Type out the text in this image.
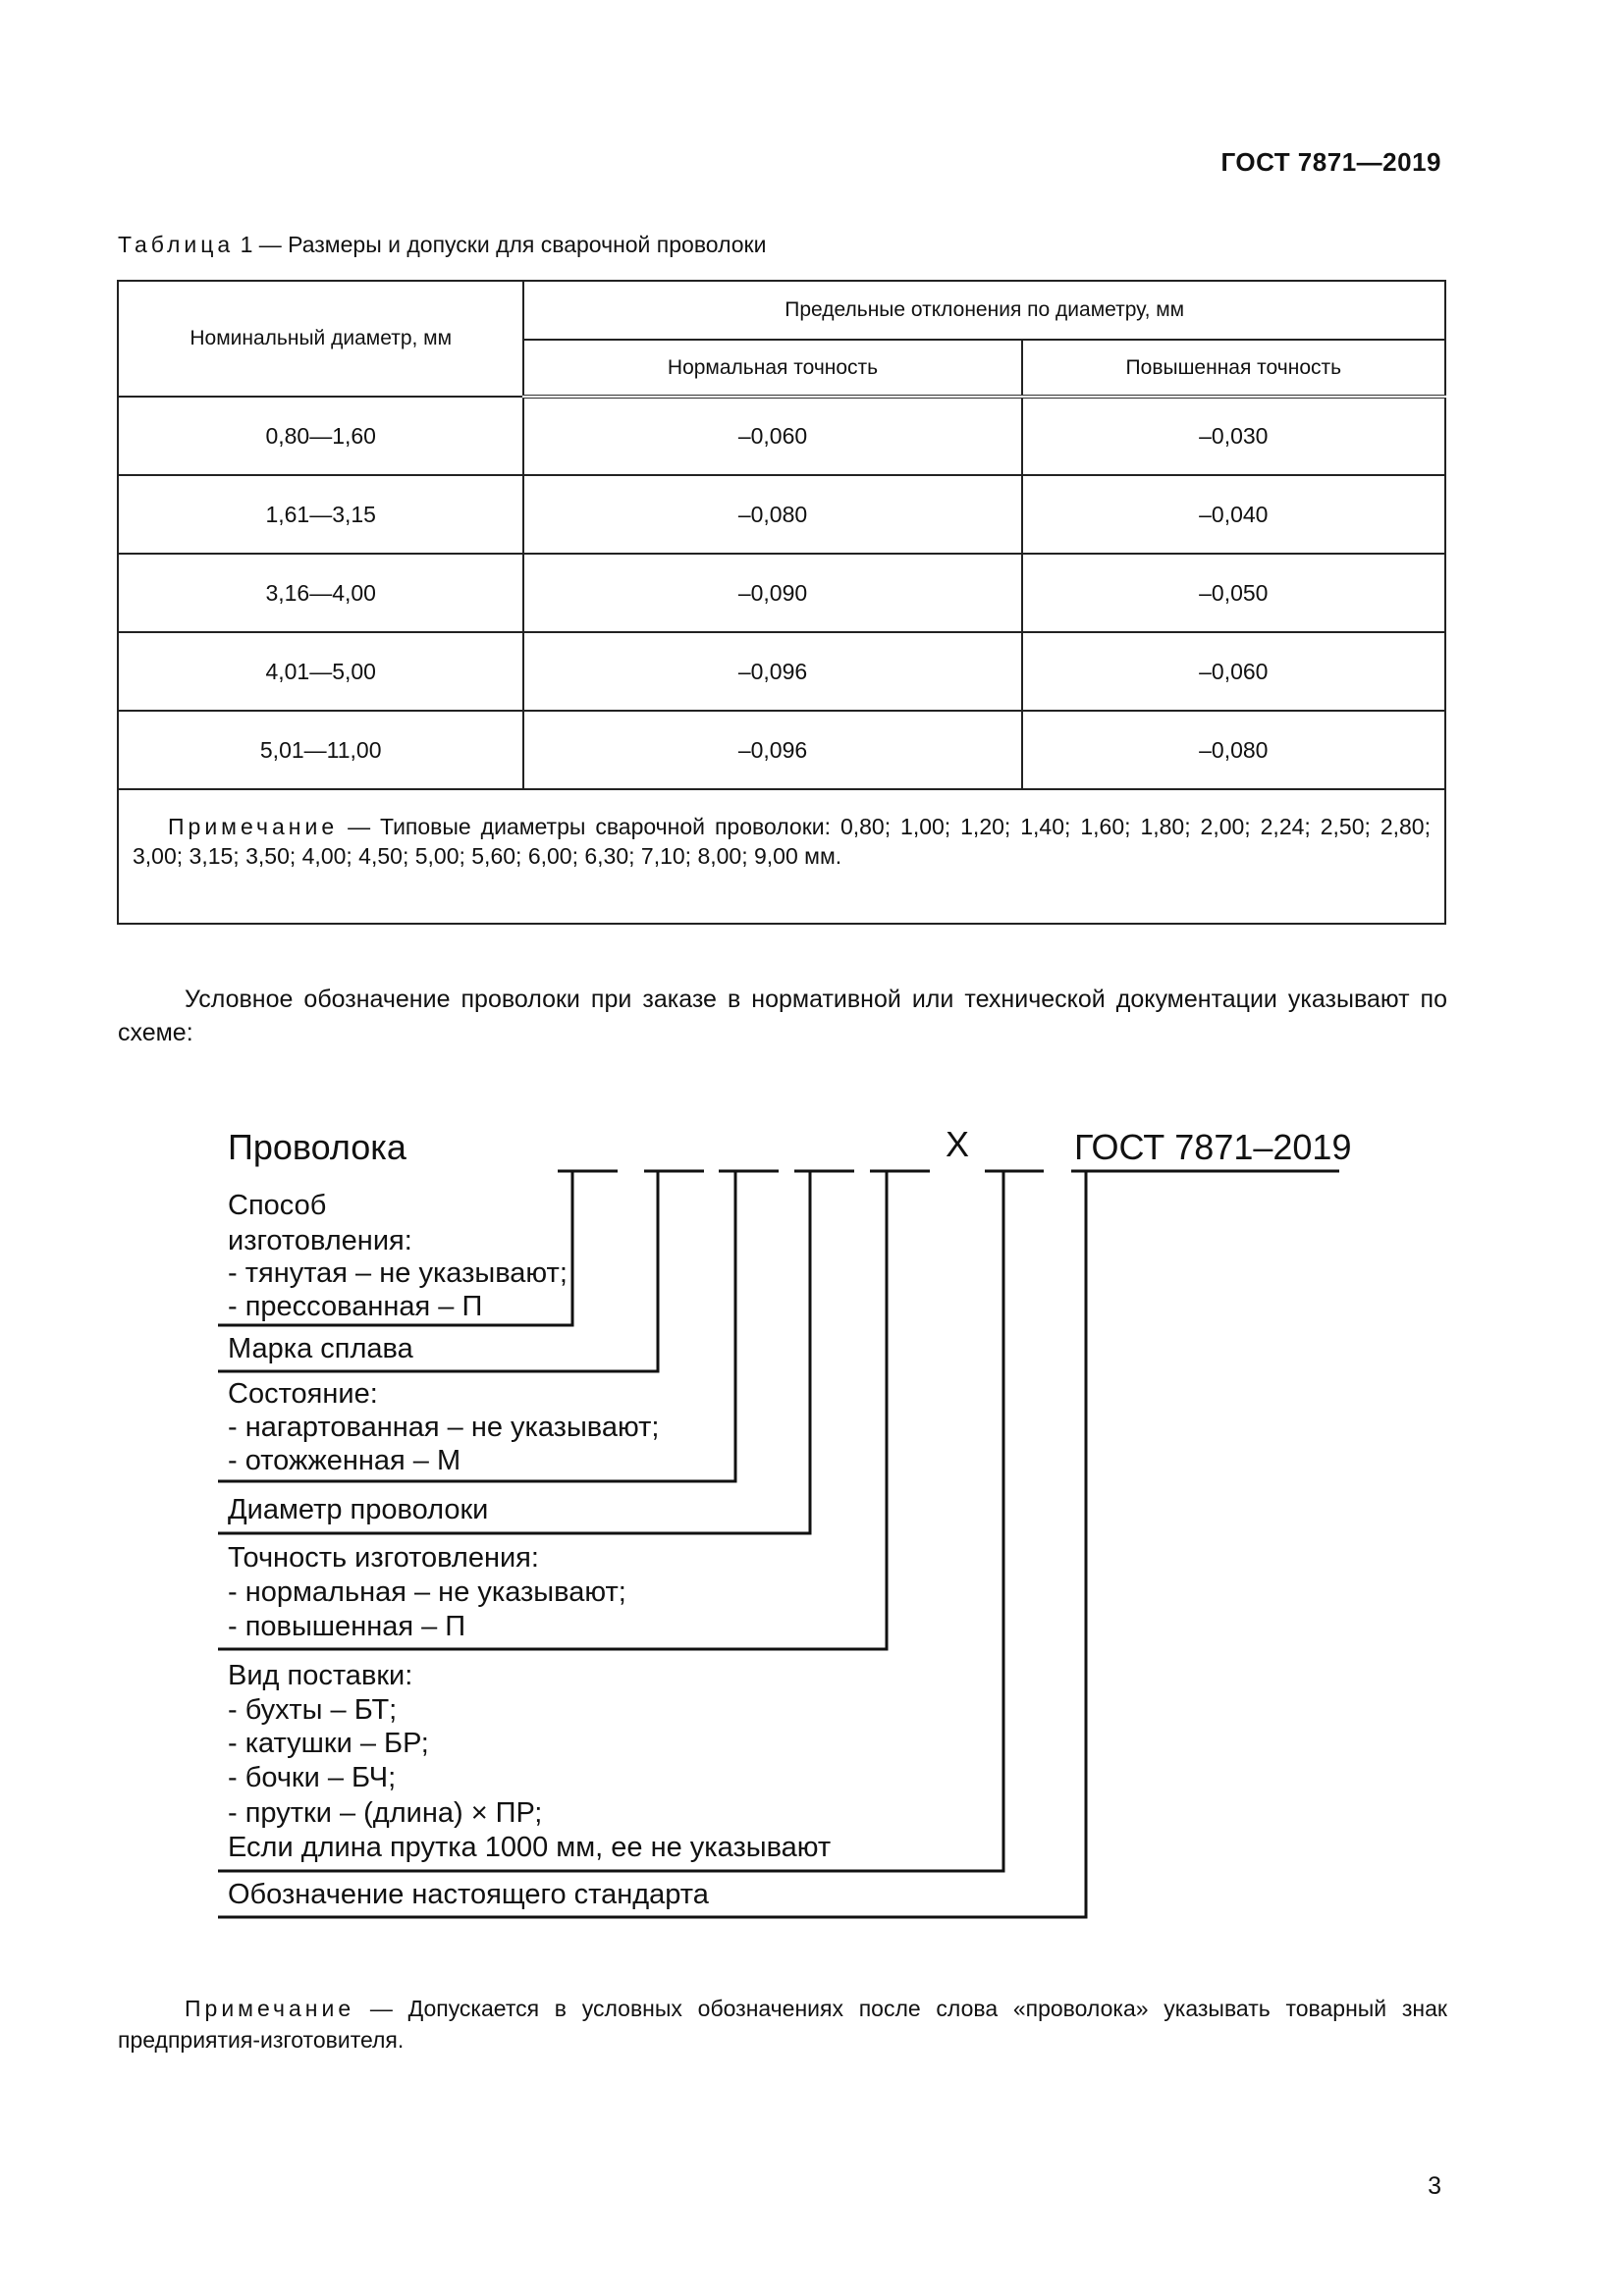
ГОСТ 7871—2019
Таблица 1 — Размеры и допуски для сварочной проволоки
Номинальный диаметр, мм	Предельные отклонения по диаметру, мм	
	Нормальная точность	Повышенная точность
0,80—1,60	–0,060	–0,030
1,61—3,15	–0,080	–0,040
3,16—4,00	–0,090	–0,050
4,01—5,00	–0,096	–0,060
5,01—11,00	–0,096	–0,080

Примечание — Типовые диаметры сварочной проволоки: 0,80; 1,00; 1,20; 1,40; 1,60; 1,80; 2,00; 2,24; 2,50; 2,80; 3,00; 3,15; 3,50; 4,00; 4,50; 5,00; 5,60; 6,00; 6,30; 7,10; 8,00; 9,00 мм.		
Условное обозначение проволоки при заказе в нормативной или технической документации указывают по схеме:
Проволока	Х	ГОСТ 7871–2019
Способ
изготовления:
- тянутая – не указывают;
- прессованная – П
Марка сплава
Состояние:
- нагартованная – не указывают;
- отожженная – М
Диаметр проволоки
Точность изготовления:
- нормальная – не указывают;
- повышенная – П
Вид поставки:
- бухты – БТ;
- катушки – БР;
- бочки – БЧ;
- прутки – (длина) × ПР;
Если длина прутка 1000 мм, ее не указывают
Обозначение настоящего стандарта
Примечание — Допускается в условных обозначениях после слова «проволока» указывать товарный знак предприятия-изготовителя.
3
